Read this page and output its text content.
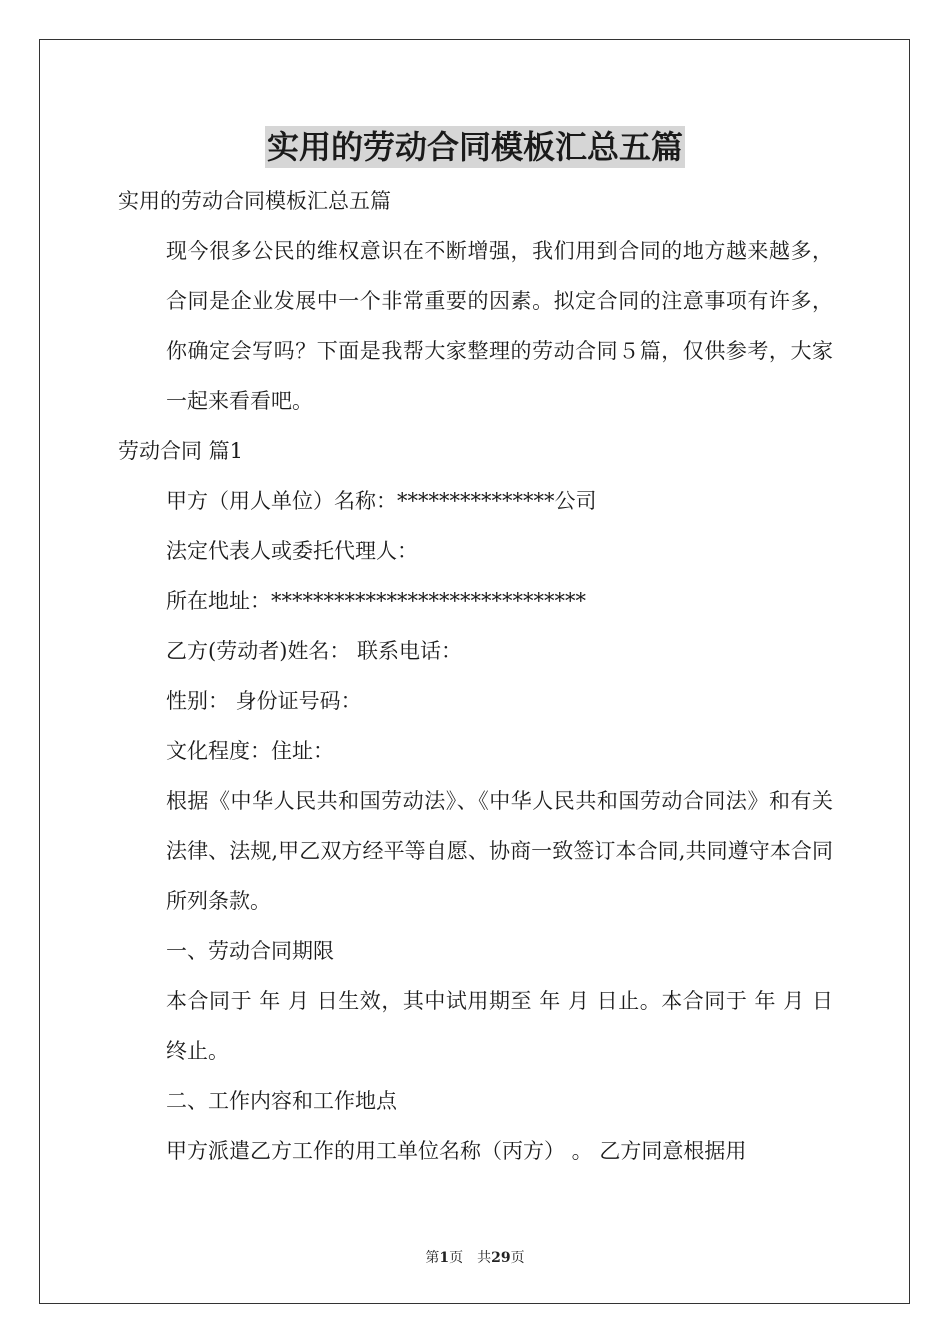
实用的劳动合同模板汇总五篇

实用的劳动合同模板汇总五篇

现今很多公民的维权意识在不断增强，我们用到合同的地方越来越多，合同是企业发展中一个非常重要的因素。拟定合同的注意事项有许多，你确定会写吗？下面是我帮大家整理的劳动合同５篇，仅供参考，大家一起来看看吧。

劳动合同 篇1

甲方（用人单位）名称：***************公司

法定代表人或委托代理人：

所在地址：******************************

乙方(劳动者)姓名： 联系电话：

性别： 身份证号码：

文化程度：住址：

根据《中华人民共和国劳动法》、《中华人民共和国劳动合同法》和有关法律、法规,甲乙双方经平等自愿、协商一致签订本合同,共同遵守本合同所列条款。

一、劳动合同期限

本合同于 年 月 日生效，其中试用期至 年 月 日止。本合同于 年 月 日终止。

二、工作内容和工作地点

甲方派遣乙方工作的用工单位名称（丙方） 。 乙方同意根据用

第1页　共29页
